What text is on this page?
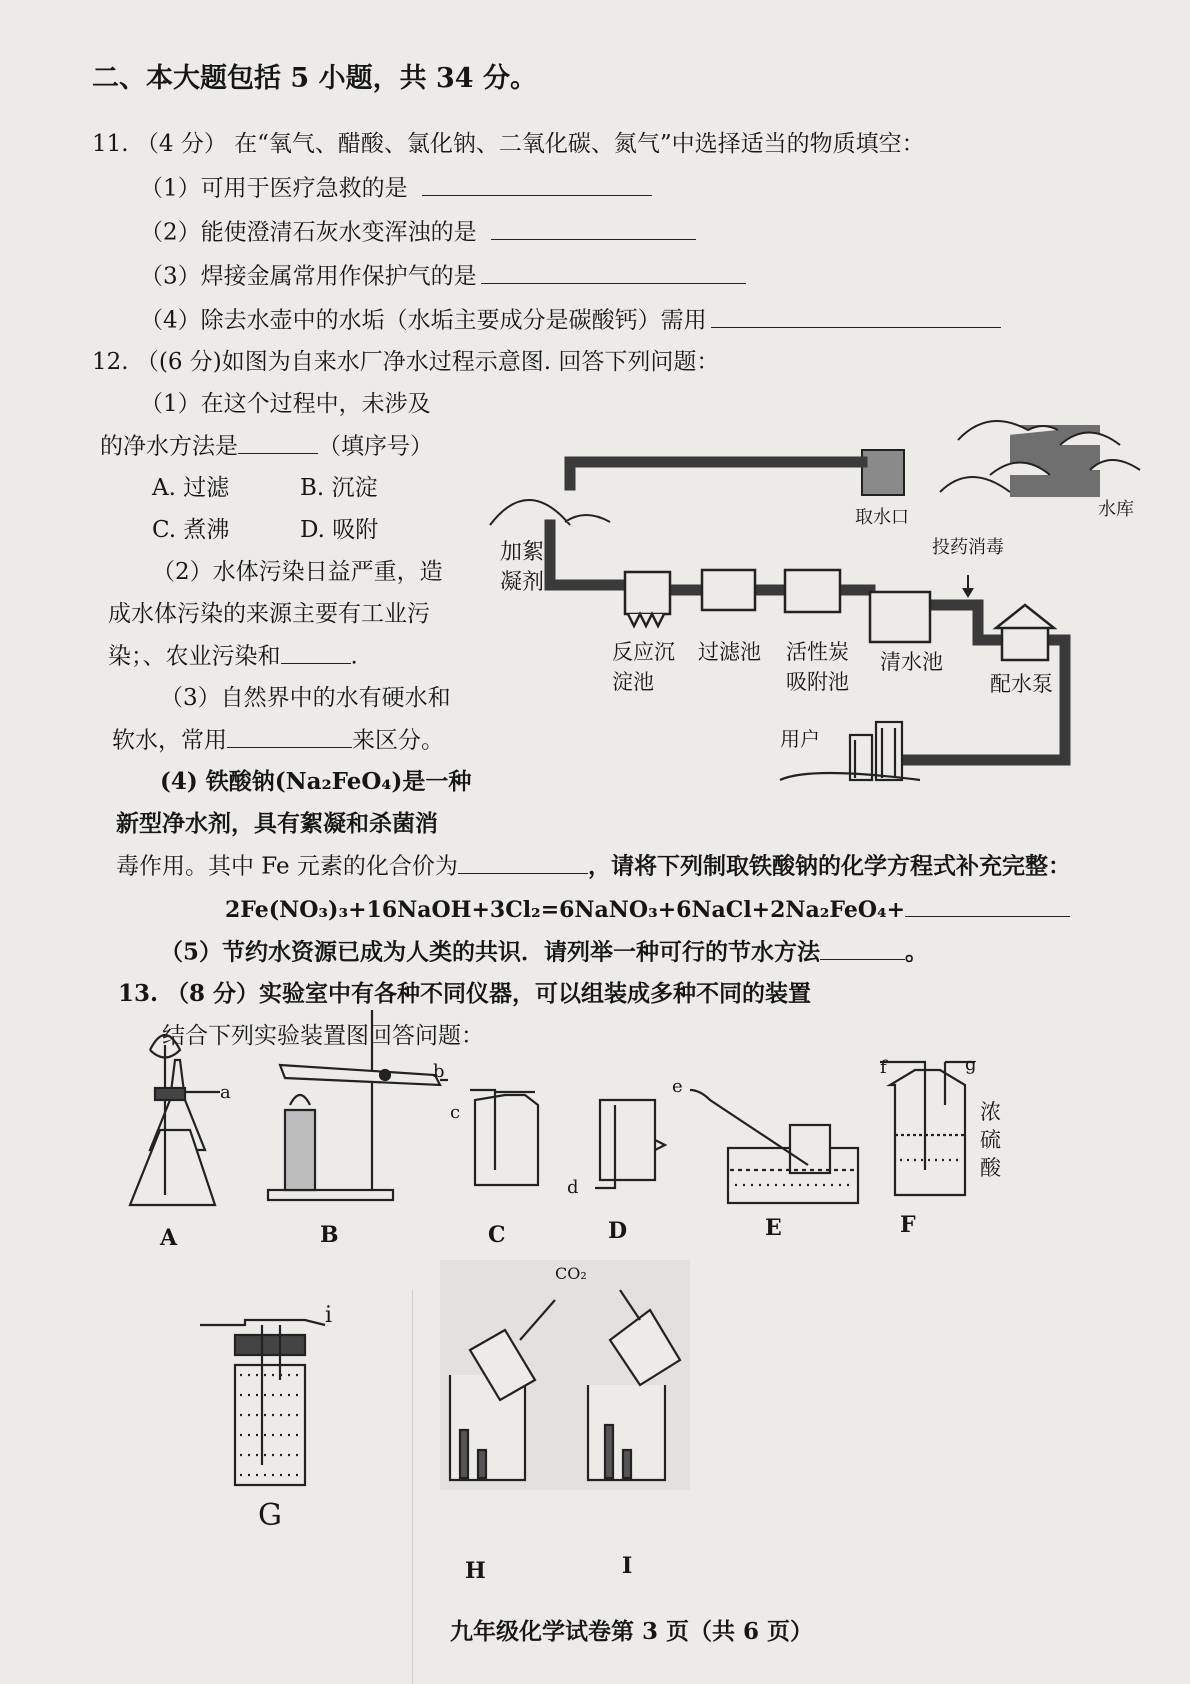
二、本大题包括 5 小题，共 34 分。
11. （4 分） 在“氧气、醋酸、氯化钠、二氧化碳、氮气”中选择适当的物质填空：
（1）可用于医疗急救的是
（2）能使澄清石灰水变浑浊的是
（3）焊接金属常用作保护气的是
（4）除去水壶中的水垢（水垢主要成分是碳酸钙）需用
12. （(6 分)如图为自来水厂净水过程示意图. 回答下列问题：
（1）在这个过程中，未涉及
的净水方法是	（填序号）
A. 过滤	B. 沉淀
C. 煮沸	D. 吸附
（2）水体污染日益严重，造
成水体污染的来源主要有工业污
染；、农业污染和	.
（3）自然界中的水有硬水和
软水，常用	来区分。
(4) 铁酸钠(Na₂FeO₄)是一种
新型净水剂，具有絮凝和杀菌消
毒作用。其中 Fe 元素的化合价为	，请将下列制取铁酸钠的化学方程式补充完整：
2Fe(NO₃)₃+16NaOH+3Cl₂=6NaNO₃+6NaCl+2Na₂FeO₄+
（5）节约水资源已成为人类的共识．请列举一种可行的节水方法	。
13. （8 分）实验室中有各种不同仪器，可以组装成多种不同的装置
结合下列实验装置图回答问题：
水库
取水口
加絮
凝剂
投药消毒
反应沉
淀池
过滤池 活性炭
吸附池
清水池
配水泵
用户
A	B	C	D	E	F
G
H	I
a
b
c
d
e
f	g
i
浓
硫
酸
CO₂
九年级化学试卷第 3 页（共 6 页）
